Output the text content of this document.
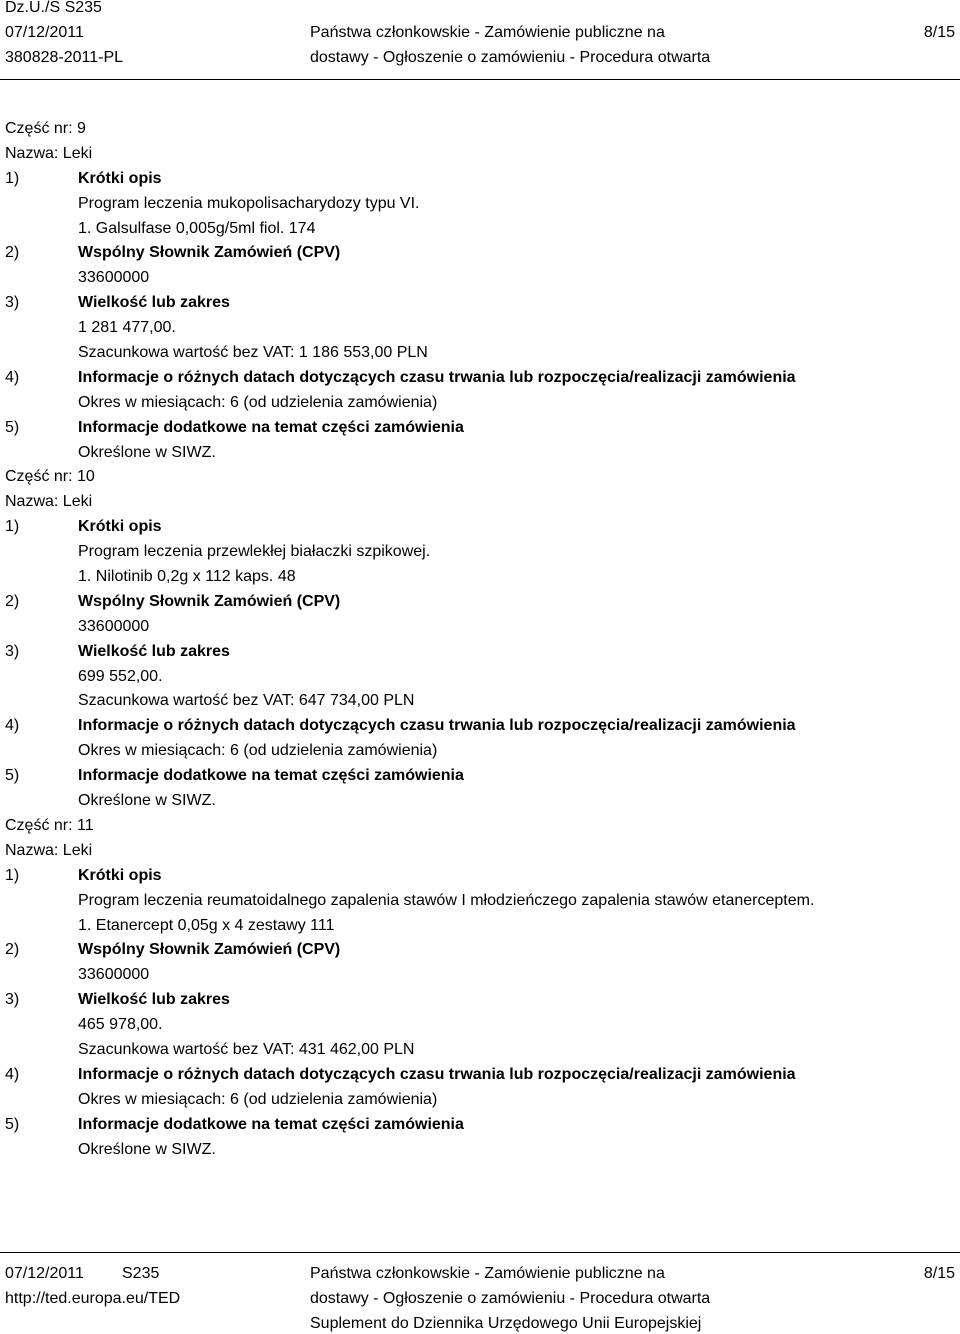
Dz.U./S S235
07/12/2011
380828-2011-PL
Państwa członkowskie - Zamówienie publiczne na
dostawy - Ogłoszenie o zamówieniu - Procedura otwarta
8/15
Część nr: 9
Nazwa: Leki
1)	Krótki opis
Program leczenia mukopolisacharydozy typu VI.
1. Galsulfase 0,005g/5ml fiol. 174
2)	Wspólny Słownik Zamówień (CPV)
33600000
3)	Wielkość lub zakres
1 281 477,00.
Szacunkowa wartość bez VAT: 1 186 553,00 PLN
4)	Informacje o różnych datach dotyczących czasu trwania lub rozpoczęcia/realizacji zamówienia
Okres w miesiącach: 6 (od udzielenia zamówienia)
5)	Informacje dodatkowe na temat części zamówienia
Określone w SIWZ.
Część nr: 10
Nazwa: Leki
1)	Krótki opis
Program leczenia przewlekłej białaczki szpikowej.
1. Nilotinib 0,2g x 112 kaps. 48
2)	Wspólny Słownik Zamówień (CPV)
33600000
3)	Wielkość lub zakres
699 552,00.
Szacunkowa wartość bez VAT: 647 734,00 PLN
4)	Informacje o różnych datach dotyczących czasu trwania lub rozpoczęcia/realizacji zamówienia
Okres w miesiącach: 6 (od udzielenia zamówienia)
5)	Informacje dodatkowe na temat części zamówienia
Określone w SIWZ.
Część nr: 11
Nazwa: Leki
1)	Krótki opis
Program leczenia reumatoidalnego zapalenia stawów I młodzieńczego zapalenia stawów etanerceptem.
1. Etanercept 0,05g x 4 zestawy 111
2)	Wspólny Słownik Zamówień (CPV)
33600000
3)	Wielkość lub zakres
465 978,00.
Szacunkowa wartość bez VAT: 431 462,00 PLN
4)	Informacje o różnych datach dotyczących czasu trwania lub rozpoczęcia/realizacji zamówienia
Okres w miesiącach: 6 (od udzielenia zamówienia)
5)	Informacje dodatkowe na temat części zamówienia
Określone w SIWZ.
07/12/2011 S235
http://ted.europa.eu/TED
Państwa członkowskie - Zamówienie publiczne na
dostawy - Ogłoszenie o zamówieniu - Procedura otwarta
Suplement do Dziennika Urzędowego Unii Europejskiej
8/15
